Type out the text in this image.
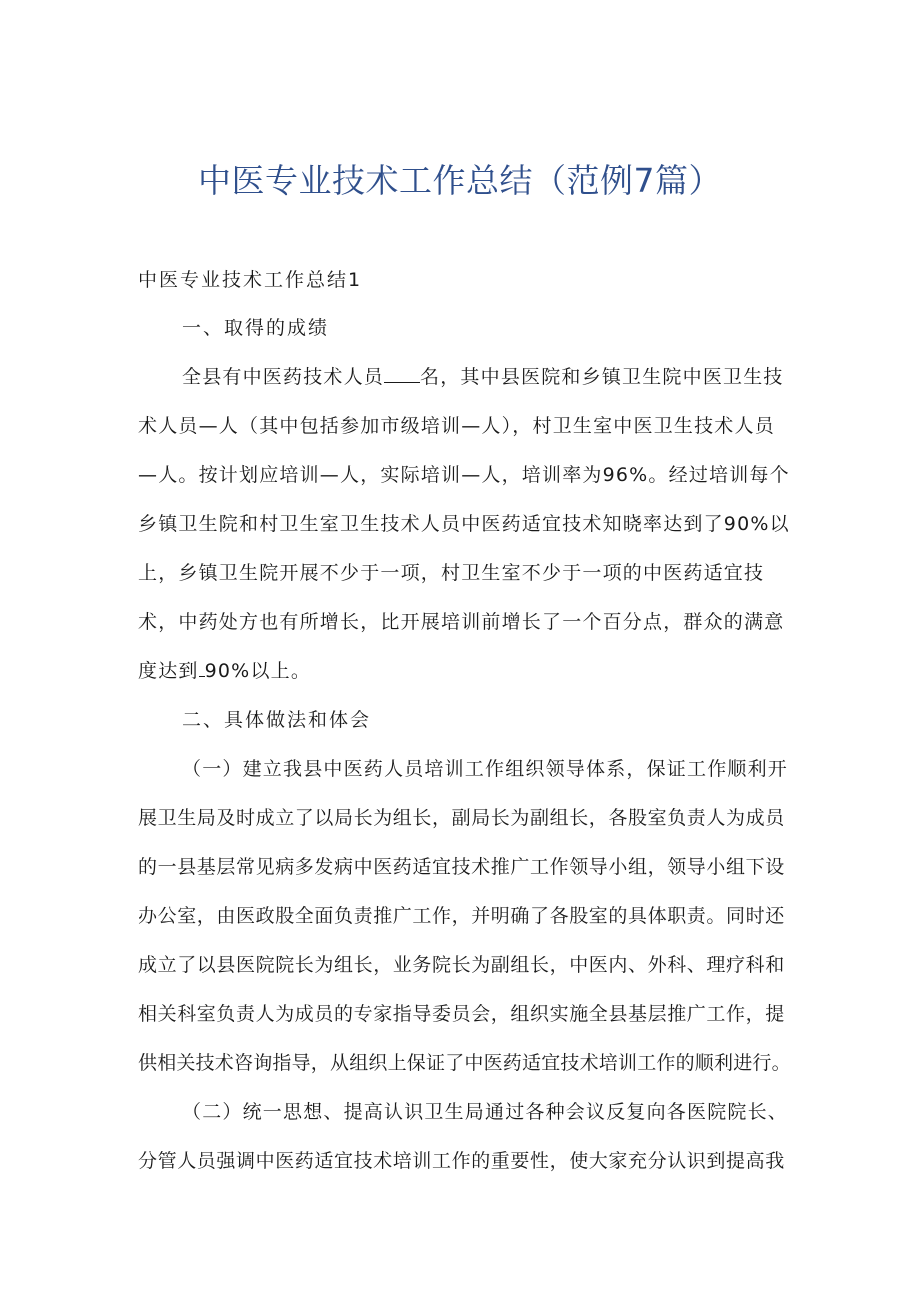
中医专业技术工作总结（范例7篇）
中医专业技术工作总结1
一、取得的成绩
全县有中医药技术人员 名，其中县医院和乡镇卫生院中医卫生技
术人员—人（其中包括参加市级培训—人），村卫生室中医卫生技术人员
—人。按计划应培训—人，实际培训—人，培训率为96%。经过培训每个
乡镇卫生院和村卫生室卫生技术人员中医药适宜技术知晓率达到了90%以
上，乡镇卫生院开展不少于一项，村卫生室不少于一项的中医药适宜技
术，中药处方也有所增长，比开展培训前增长了一个百分点，群众的满意
度达到 90%以上。
二、具体做法和体会
（一）建立我县中医药人员培训工作组织领导体系，保证工作顺利开
展卫生局及时成立了以局长为组长，副局长为副组长，各股室负责人为成员
的一县基层常见病多发病中医药适宜技术推广工作领导小组，领导小组下设
办公室，由医政股全面负责推广工作，并明确了各股室的具体职责。同时还
成立了以县医院院长为组长，业务院长为副组长，中医内、外科、理疗科和
相关科室负责人为成员的专家指导委员会，组织实施全县基层推广工作，提
供相关技术咨询指导，从组织上保证了中医药适宜技术培训工作的顺利进行。
（二）统一思想、提高认识卫生局通过各种会议反复向各医院院长、
分管人员强调中医药适宜技术培训工作的重要性，使大家充分认识到提高我
